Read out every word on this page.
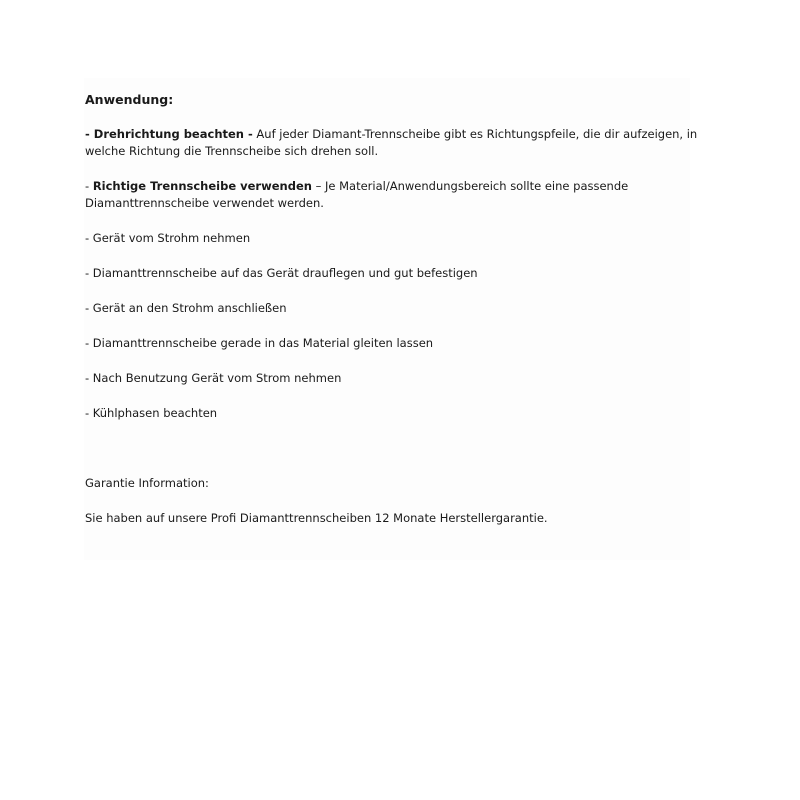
Anwendung:
- Drehrichtung beachten - Auf jeder Diamant-Trennscheibe gibt es Richtungspfeile, die dir aufzeigen, in welche Richtung die Trennscheibe sich drehen soll.
- Richtige Trennscheibe verwenden – Je Material/Anwendungsbereich sollte eine passende Diamanttrennscheibe verwendet werden.
- Gerät vom Strohm nehmen
- Diamanttrennscheibe auf das Gerät drauflegen und gut befestigen
- Gerät an den Strohm anschließen
- Diamanttrennscheibe gerade in das Material gleiten lassen
- Nach Benutzung Gerät vom Strom nehmen
- Kühlphasen beachten
Garantie Information:
Sie haben auf unsere Profi Diamanttrennscheiben 12 Monate Herstellergarantie.
